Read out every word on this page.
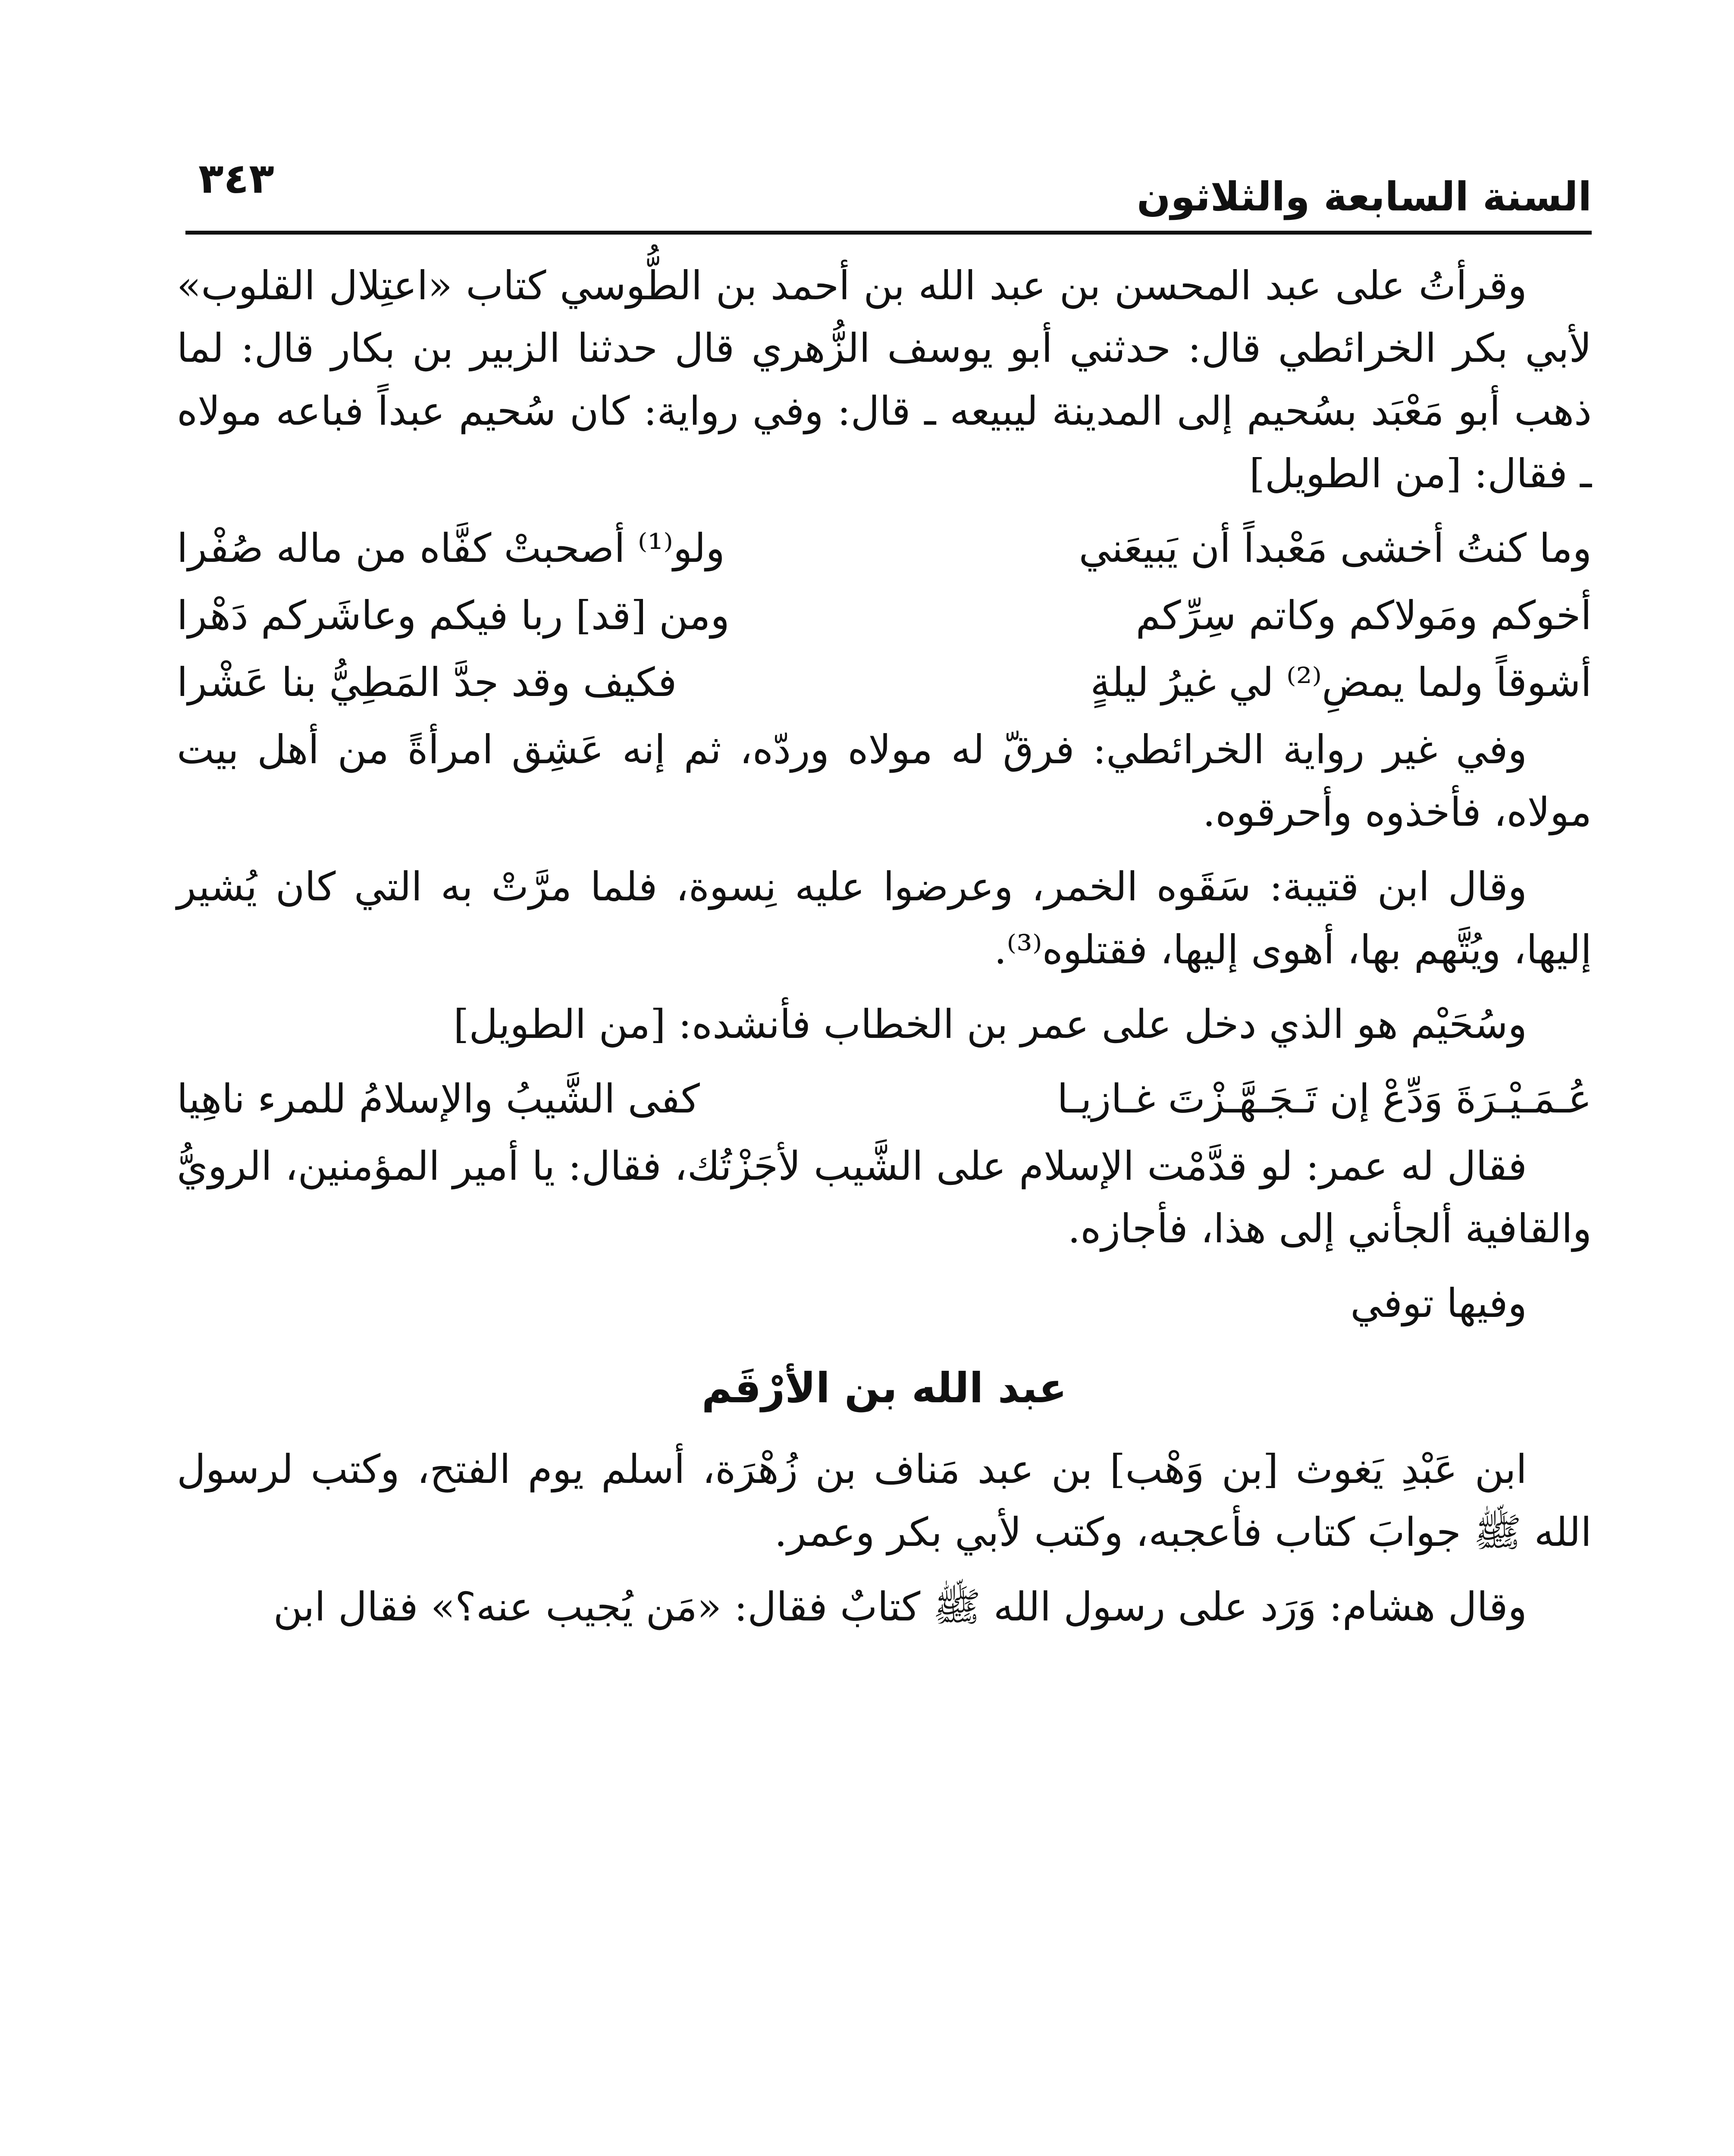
السنة السابعة والثلاثون
٣٤٣

وقرأتُ على عبد المحسن بن عبد الله بن أحمد بن الطُّوسي كتاب «اعتِلال القلوب» لأبي بكر الخرائطي قال: حدثني أبو يوسف الزُّهري قال حدثنا الزبير بن بكار قال: لما ذهب أبو مَعْبَد بسُحيم إلى المدينة ليبيعه ـ قال: وفي رواية: كان سُحيم عبداً فباعه مولاه ـ فقال: [من الطويل]

وما كنتُ أخشى مَعْبداً أن يَبيعَني
ولو⁽¹⁾ أصحبتْ كفَّاه من ماله صُفْرا
أخوكم ومَولاكم وكاتم سِرِّكم
ومن [قد] ربا فيكم وعاشَركم دَهْرا
أشوقاً ولما يمضِ⁽²⁾ لي غيرُ ليلةٍ
فكيف وقد جدَّ المَطِيُّ بنا عَشْرا

وفي غير رواية الخرائطي: فرقّ له مولاه وردّه، ثم إنه عَشِق امرأةً من أهل بيت مولاه، فأخذوه وأحرقوه.

وقال ابن قتيبة: سَقَوه الخمر، وعرضوا عليه نِسوة، فلما مرَّتْ به التي كان يُشير إليها، ويُتَّهم بها، أهوى إليها، فقتلوه⁽³⁾.

وسُحَيْم هو الذي دخل على عمر بن الخطاب فأنشده: [من الطويل]

عُـمَـيْـرَةَ وَدِّعْ إن تَـجَـهَّـزْتَ غـازيـا
كفى الشَّيبُ والإسلامُ للمرء ناهِيا

فقال له عمر: لو قدَّمْت الإسلام على الشَّيب لأجَزْتُك، فقال: يا أمير المؤمنين، الرويُّ والقافية ألجأني إلى هذا، فأجازه.

وفيها توفي

عبد الله بن الأرْقَم

ابن عَبْدِ يَغوث [بن وَهْب] بن عبد مَناف بن زُهْرَة، أسلم يوم الفتح، وكتب لرسول الله ﷺ جوابَ كتاب فأعجبه، وكتب لأبي بكر وعمر.

وقال هشام: وَرَد على رسول الله ﷺ كتابٌ فقال: «مَن يُجيب عنه؟» فقال ابن
